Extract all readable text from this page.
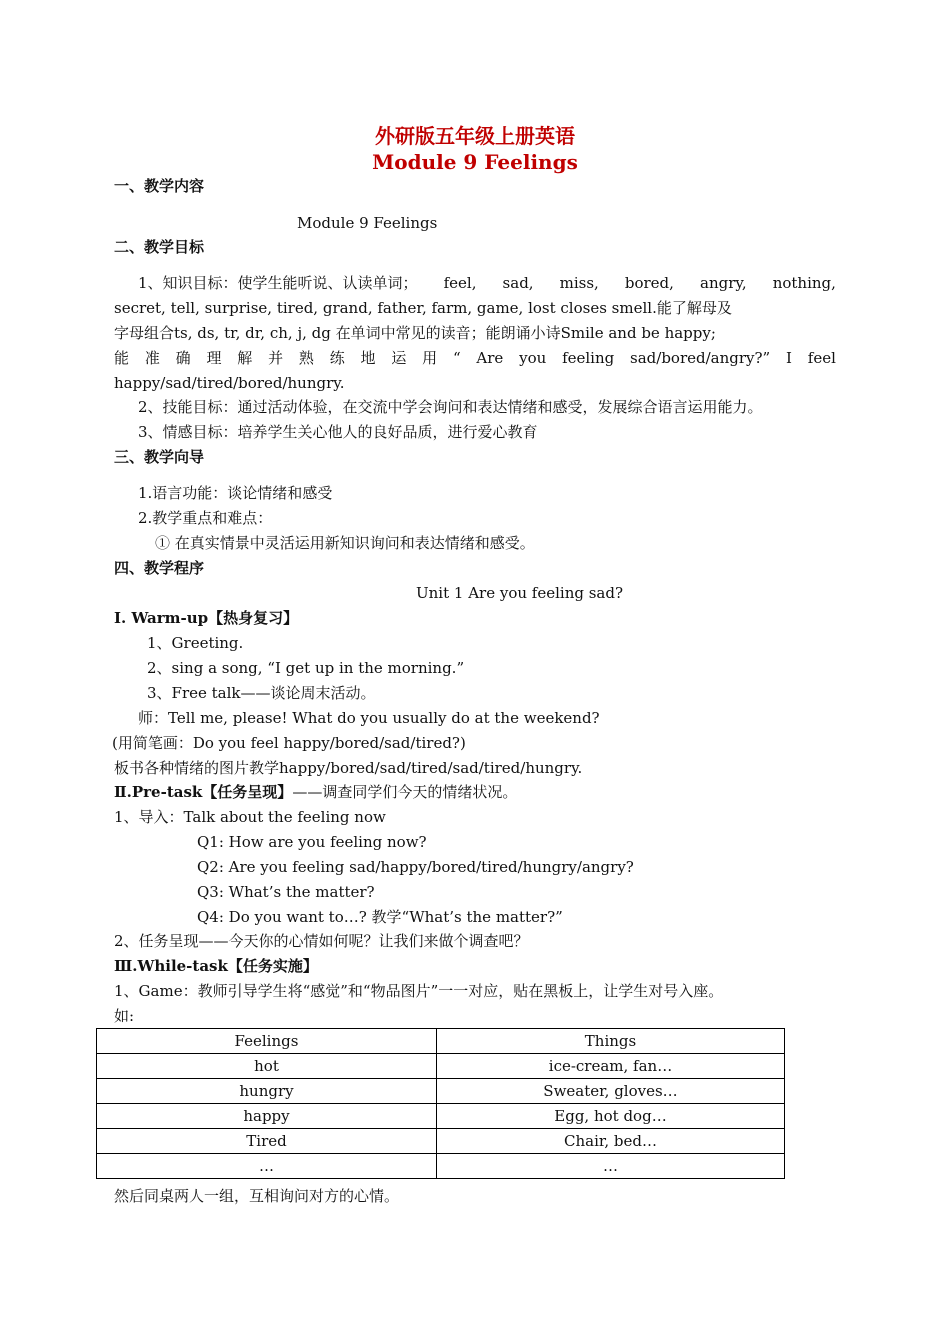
外研版五年级上册英语
Module 9 Feelings
一、教学内容
Module 9 Feelings
二、教学目标
1、知识目标：使学生能听说、认读单词； feel, sad, miss, bored, angry, nothing,
secret, tell, surprise, tired, grand, father, farm, game, lost closes smell.能了解母及
字母组合ts, ds, tr, dr, ch, j, dg 在单词中常见的读音；能朗诵小诗Smile and be happy;
能 准 确 理 解 并 熟 练 地 运 用 “ Are you feeling sad/bored/angry?” I feel
happy/sad/tired/bored/hungry.
2、技能目标：通过活动体验，在交流中学会询问和表达情绪和感受，发展综合语言运用能力。
3、情感目标：培养学生关心他人的良好品质，进行爱心教育
三、教学向导
1.语言功能：谈论情绪和感受
2.教学重点和难点：
① 在真实情景中灵活运用新知识询问和表达情绪和感受。
四、教学程序
Unit 1 Are you feeling sad?
Ⅰ. Warm-up【热身复习】
1、Greeting.
2、sing a song, “I get up in the morning.”
3、Free talk——谈论周末活动。
师：Tell me, please! What do you usually do at the weekend?
(用简笔画：Do you feel happy/bored/sad/tired?)
板书各种情绪的图片教学happy/bored/sad/tired/sad/tired/hungry.
Ⅱ.Pre-task【任务呈现】——调查同学们今天的情绪状况。
1、导入：Talk about the feeling now
Q1: How are you feeling now?
Q2: Are you feeling sad/happy/bored/tired/hungry/angry?
Q3: What’s the matter?
Q4: Do you want to…? 教学“What’s the matter?”
2、任务呈现——今天你的心情如何呢？让我们来做个调查吧？
Ⅲ.While-task【任务实施】
1、Game：教师引导学生将“感觉”和“物品图片”一一对应，贴在黑板上，让学生对号入座。
如:
Feelings	Things
hot	ice-cream, fan…
hungry	Sweater, gloves…
happy	Egg, hot dog…
Tired	Chair, bed…
…	…
然后同桌两人一组，互相询问对方的心情。
